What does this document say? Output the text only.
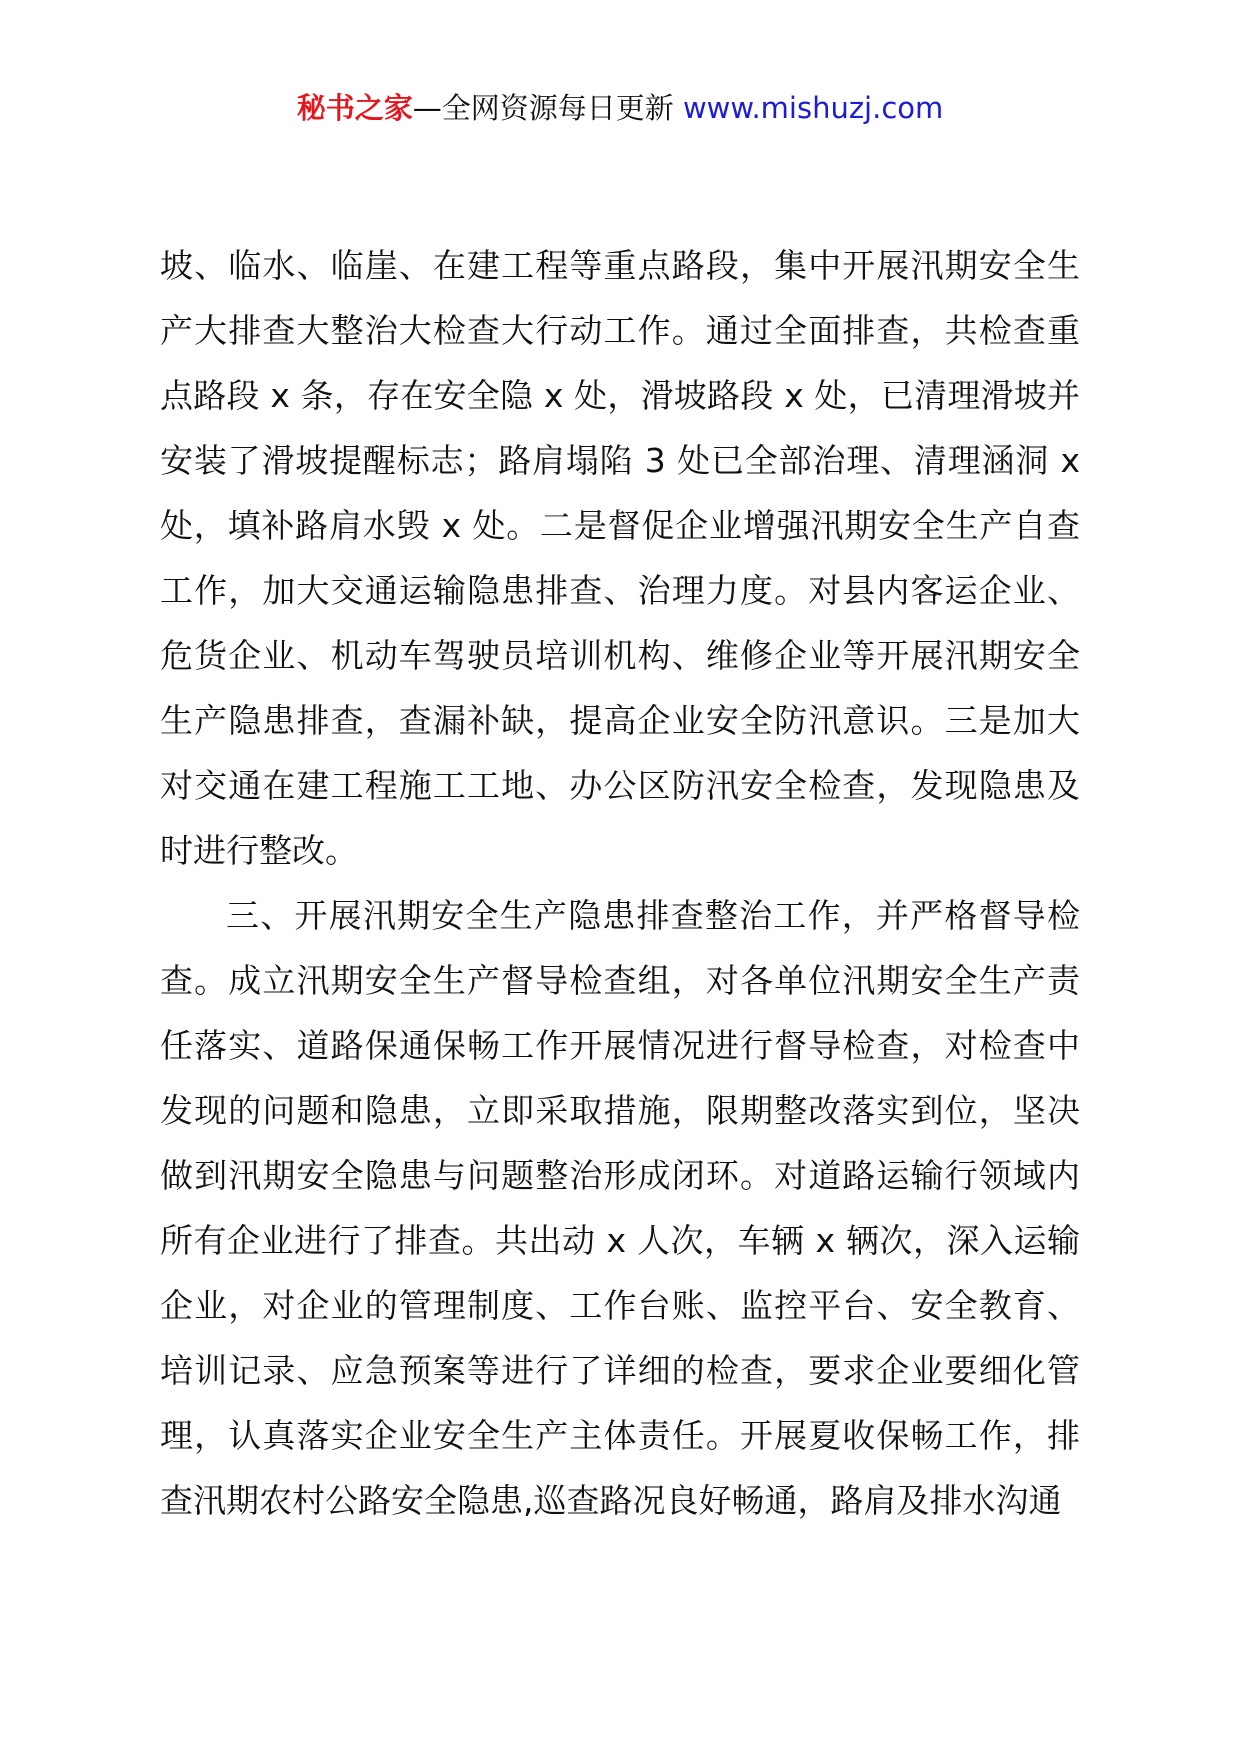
秘书之家—全网资源每日更新 www.mishuzj.com

坡、临水、临崖、在建工程等重点路段，集中开展汛期安全生产大排查大整治大检查大行动工作。通过全面排查，共检查重点路段 x 条，存在安全隐 x 处，滑坡路段 x 处，已清理滑坡并安装了滑坡提醒标志；路肩塌陷 3 处已全部治理、清理涵洞 x 处，填补路肩水毁 x 处。二是督促企业增强汛期安全生产自查工作，加大交通运输隐患排查、治理力度。对县内客运企业、危货企业、机动车驾驶员培训机构、维修企业等开展汛期安全生产隐患排查，查漏补缺，提高企业安全防汛意识。三是加大对交通在建工程施工工地、办公区防汛安全检查，发现隐患及时进行整改。

三、开展汛期安全生产隐患排查整治工作，并严格督导检查。成立汛期安全生产督导检查组，对各单位汛期安全生产责任落实、道路保通保畅工作开展情况进行督导检查，对检查中发现的问题和隐患，立即采取措施，限期整改落实到位，坚决做到汛期安全隐患与问题整治形成闭环。对道路运输行领域内所有企业进行了排查。共出动 x 人次，车辆 x 辆次，深入运输企业，对企业的管理制度、工作台账、监控平台、安全教育、培训记录、应急预案等进行了详细的检查，要求企业要细化管理，认真落实企业安全生产主体责任。开展夏收保畅工作，排查汛期农村公路安全隐患,巡查路况良好畅通，路肩及排水沟通
